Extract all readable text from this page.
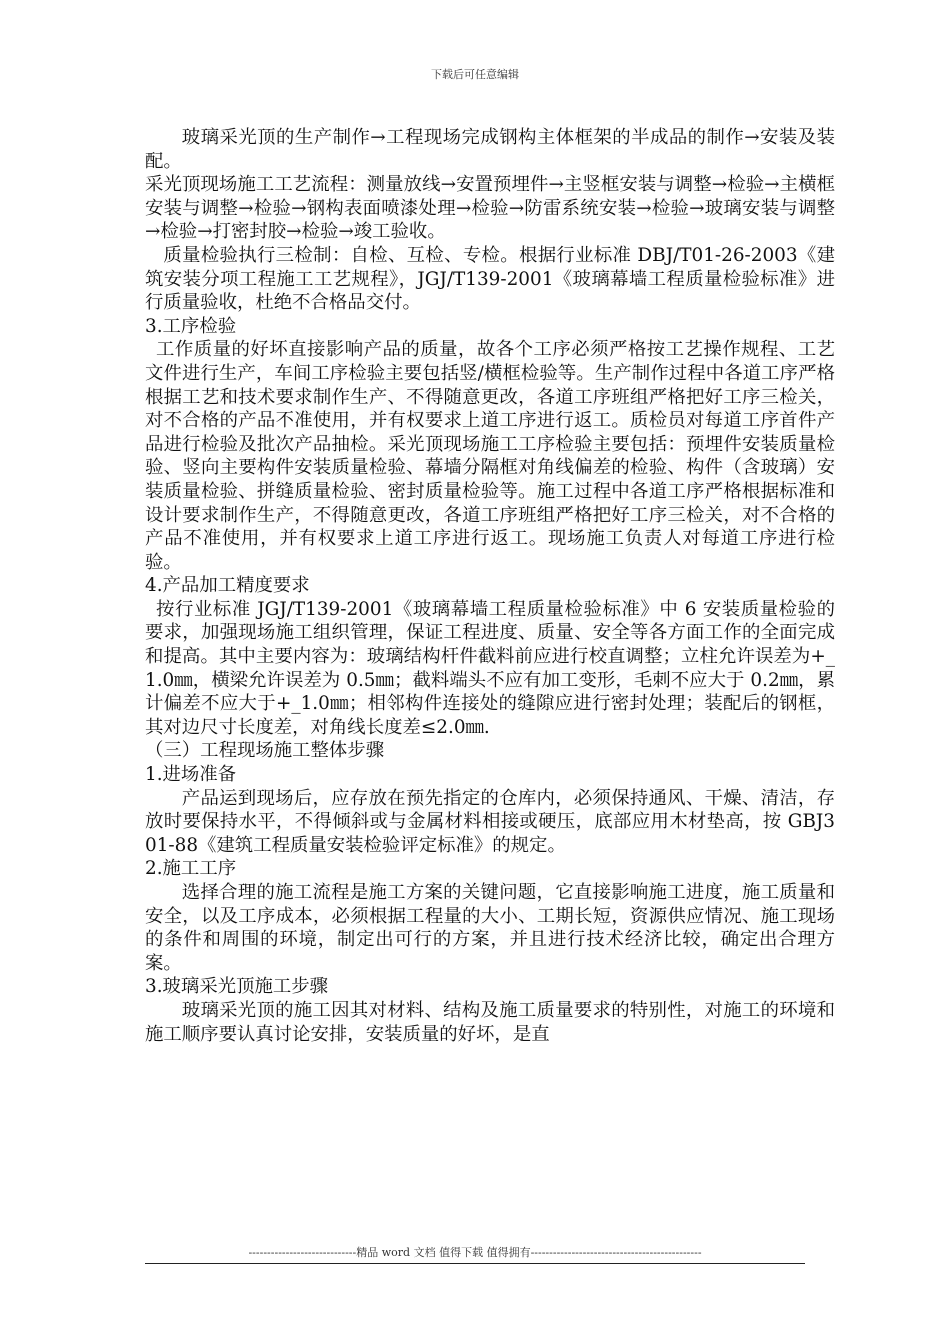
下载后可任意编辑

玻璃采光顶的生产制作→工程现场完成钢构主体框架的半成品的制作→安装及装配。

采光顶现场施工工艺流程：测量放线→安置预埋件→主竖框安装与调整→检验→主横框安装与调整→检验→钢构表面喷漆处理→检验→防雷系统安装→检验→玻璃安装与调整→检验→打密封胶→检验→竣工验收。

质量检验执行三检制：自检、互检、专检。根据行业标准 DBJ/T01-26-2003《建筑安装分项工程施工工艺规程》，JGJ/T139-2001《玻璃幕墙工程质量检验标准》进行质量验收，杜绝不合格品交付。

3.工序检验

工作质量的好坏直接影响产品的质量，故各个工序必须严格按工艺操作规程、工艺文件进行生产，车间工序检验主要包括竖/横框检验等。生产制作过程中各道工序严格根据工艺和技术要求制作生产、不得随意更改，各道工序班组严格把好工序三检关，对不合格的产品不准使用，并有权要求上道工序进行返工。质检员对每道工序首件产品进行检验及批次产品抽检。采光顶现场施工工序检验主要包括：预埋件安装质量检验、竖向主要构件安装质量检验、幕墙分隔框对角线偏差的检验、构件（含玻璃）安装质量检验、拼缝质量检验、密封质量检验等。施工过程中各道工序严格根据标准和设计要求制作生产，不得随意更改，各道工序班组严格把好工序三检关，对不合格的产品不准使用，并有权要求上道工序进行返工。现场施工负责人对每道工序进行检验。

4.产品加工精度要求

按行业标准 JGJ/T139-2001《玻璃幕墙工程质量检验标准》中 6 安装质量检验的要求，加强现场施工组织管理，保证工程进度、质量、安全等各方面工作的全面完成和提高。其中主要内容为：玻璃结构杆件截料前应进行校直调整；立柱允许误差为+_1.0㎜，横梁允许误差为 0.5㎜；截料端头不应有加工变形，毛刺不应大于 0.2㎜，累计偏差不应大于+_1.0㎜；相邻构件连接处的缝隙应进行密封处理；装配后的钢框，其对边尺寸长度差，对角线长度差≤2.0㎜.

（三）工程现场施工整体步骤

1.进场准备

产品运到现场后，应存放在预先指定的仓库内，必须保持通风、干燥、清洁，存放时要保持水平，不得倾斜或与金属材料相接或硬压，底部应用木材垫高，按 GBJ301-88《建筑工程质量安装检验评定标准》的规定。

2.施工工序

选择合理的施工流程是施工方案的关键问题，它直接影响施工进度，施工质量和安全，以及工序成本，必须根据工程量的大小、工期长短，资源供应情况、施工现场的条件和周围的环境，制定出可行的方案，并且进行技术经济比较，确定出合理方案。

3.玻璃采光顶施工步骤

玻璃采光顶的施工因其对材料、结构及施工质量要求的特别性，对施工的环境和施工顺序要认真讨论安排，安装质量的好坏，是直

-----------------------------精品 word 文档 值得下载 值得拥有----------------------------------------------
